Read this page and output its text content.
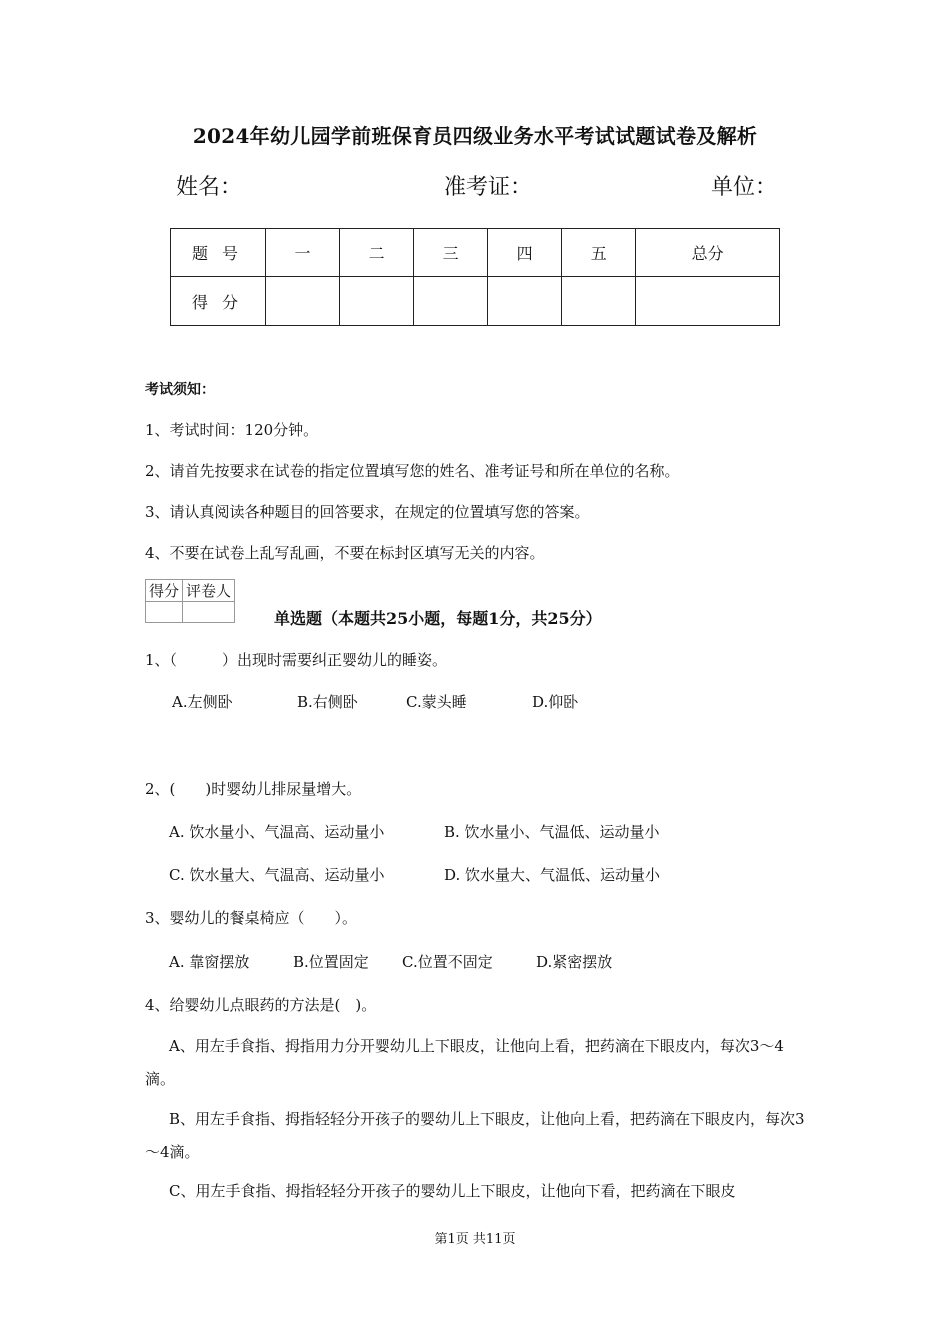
2024年幼儿园学前班保育员四级业务水平考试试题试卷及解析
姓名：	准考证：	单位：
题号	一	二	三	四	五	总分
得分						
考试须知：
1、考试时间：120分钟。
2、请首先按要求在试卷的指定位置填写您的姓名、准考证号和所在单位的名称。
3、请认真阅读各种题目的回答要求，在规定的位置填写您的答案。
4、不要在试卷上乱写乱画，不要在标封区填写无关的内容。
得分	评卷人

单选题（本题共25小题，每题1分，共25分）
1、（　　　）出现时需要纠正婴幼儿的睡姿。
A.左侧卧	B.右侧卧	C.蒙头睡	D.仰卧
2、(　　)时婴幼儿排尿量增大。
A. 饮水量小、气温高、运动量小	B. 饮水量小、气温低、运动量小
C. 饮水量大、气温高、运动量小	D. 饮水量大、气温低、运动量小
3、婴幼儿的餐桌椅应（　　）。
A. 靠窗摆放	B.位置固定 C.位置不固定	D.紧密摆放
4、给婴幼儿点眼药的方法是(　)。
A、用左手食指、拇指用力分开婴幼儿上下眼皮，让他向上看，把药滴在下眼皮内，每次3～4滴。
B、用左手食指、拇指轻轻分开孩子的婴幼儿上下眼皮，让他向上看，把药滴在下眼皮内，每次3～4滴。
C、用左手食指、拇指轻轻分开孩子的婴幼儿上下眼皮，让他向下看，把药滴在下眼皮
第1页 共11页
